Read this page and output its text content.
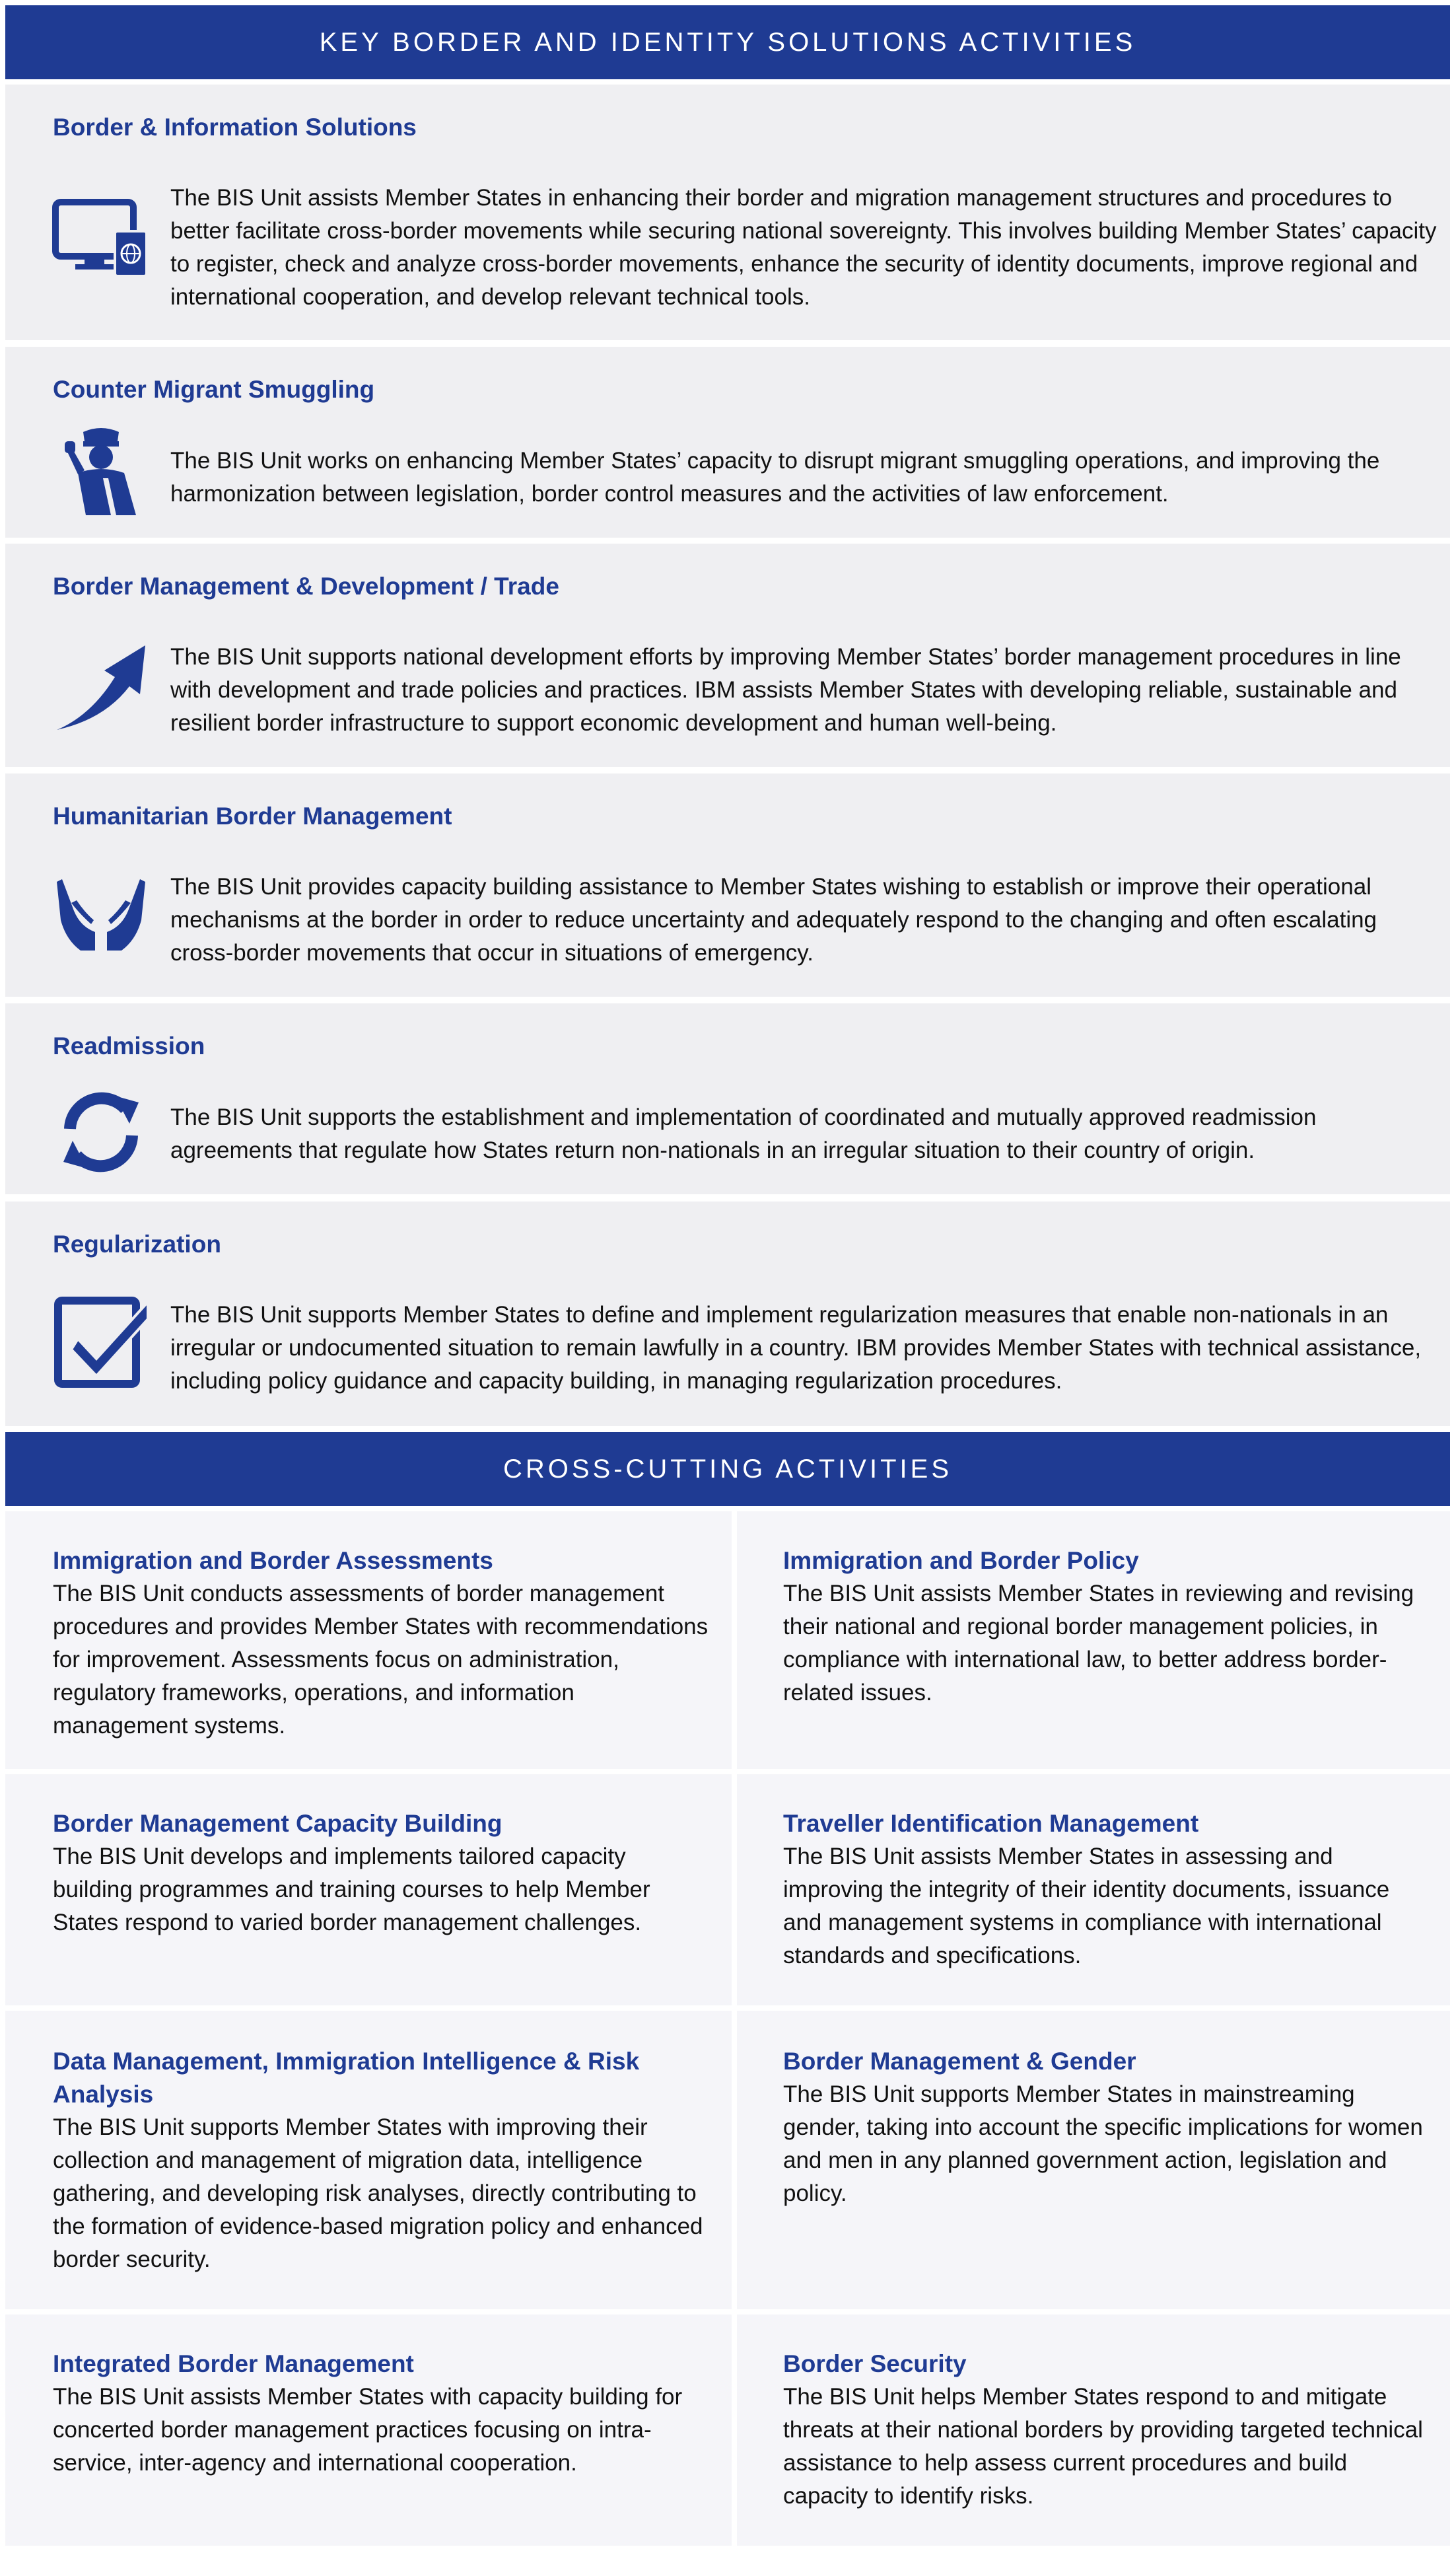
KEY BORDER AND IDENTITY SOLUTIONS ACTIVITIES
Border & Information Solutions

The BIS Unit assists Member States in enhancing their border and migration management structures and procedures to better facilitate cross-border movements while securing national sovereignty. This involves building Member States’ capacity to register, check and analyze cross-border movements, enhance the security of identity documents, improve regional and international cooperation, and develop relevant technical tools.

Counter Migrant Smuggling

The BIS Unit works on enhancing Member States’ capacity to disrupt migrant smuggling operations, and improving the harmonization between legislation, border control measures and the activities of law enforcement.

Border Management & Development / Trade

The BIS Unit supports national development efforts by improving Member States’ border management procedures in line with development and trade policies and practices. IBM assists Member States with developing reliable, sustainable and resilient border infrastructure to support economic development and human well-being.

Humanitarian Border Management

The BIS Unit provides capacity building assistance to Member States wishing to establish or improve their operational mechanisms at the border in order to reduce uncertainty and adequately respond to the changing and often escalating cross-border movements that occur in situations of emergency.

Readmission

The BIS Unit supports the establishment and implementation of coordinated and mutually approved readmission agreements that regulate how States return non-nationals in an irregular situation to their country of origin.

Regularization

The BIS Unit supports Member States to define and implement regularization measures that enable non-nationals in an irregular or undocumented situation to remain lawfully in a country. IBM provides Member States with technical assistance, including policy guidance and capacity building, in managing regularization procedures.

CROSS-CUTTING ACTIVITIES
Immigration and Border Assessments

The BIS Unit conducts assessments of border management procedures and provides Member States with recommendations for improvement. Assessments focus on administration, regulatory frameworks, operations, and information management systems.

Immigration and Border Policy

The BIS Unit assists Member States in reviewing and revising their national and regional border management policies, in compliance with international law, to better address border-related issues.

Border Management Capacity Building

The BIS Unit develops and implements tailored capacity building programmes and training courses to help Member States respond to varied border management challenges.

Traveller Identification Management

The BIS Unit assists Member States in assessing and improving the integrity of their identity documents, issuance and management systems in compliance with international standards and specifications.

Data Management, Immigration Intelligence & Risk Analysis

The BIS Unit supports Member States with improving their collection and management of migration data, intelligence gathering, and developing risk analyses, directly contributing to the formation of evidence-based migration policy and enhanced border security.

Border Management & Gender

The BIS Unit supports Member States in mainstreaming gender, taking into account the specific implications for women and men in any planned government action, legislation and policy.

Integrated Border Management

The BIS Unit assists Member States with capacity building for concerted border management practices focusing on intra-service, inter-agency and international cooperation.

Border Security

The BIS Unit helps Member States respond to and mitigate threats at their national borders by providing targeted technical assistance to help assess current procedures and build capacity to identify risks.
